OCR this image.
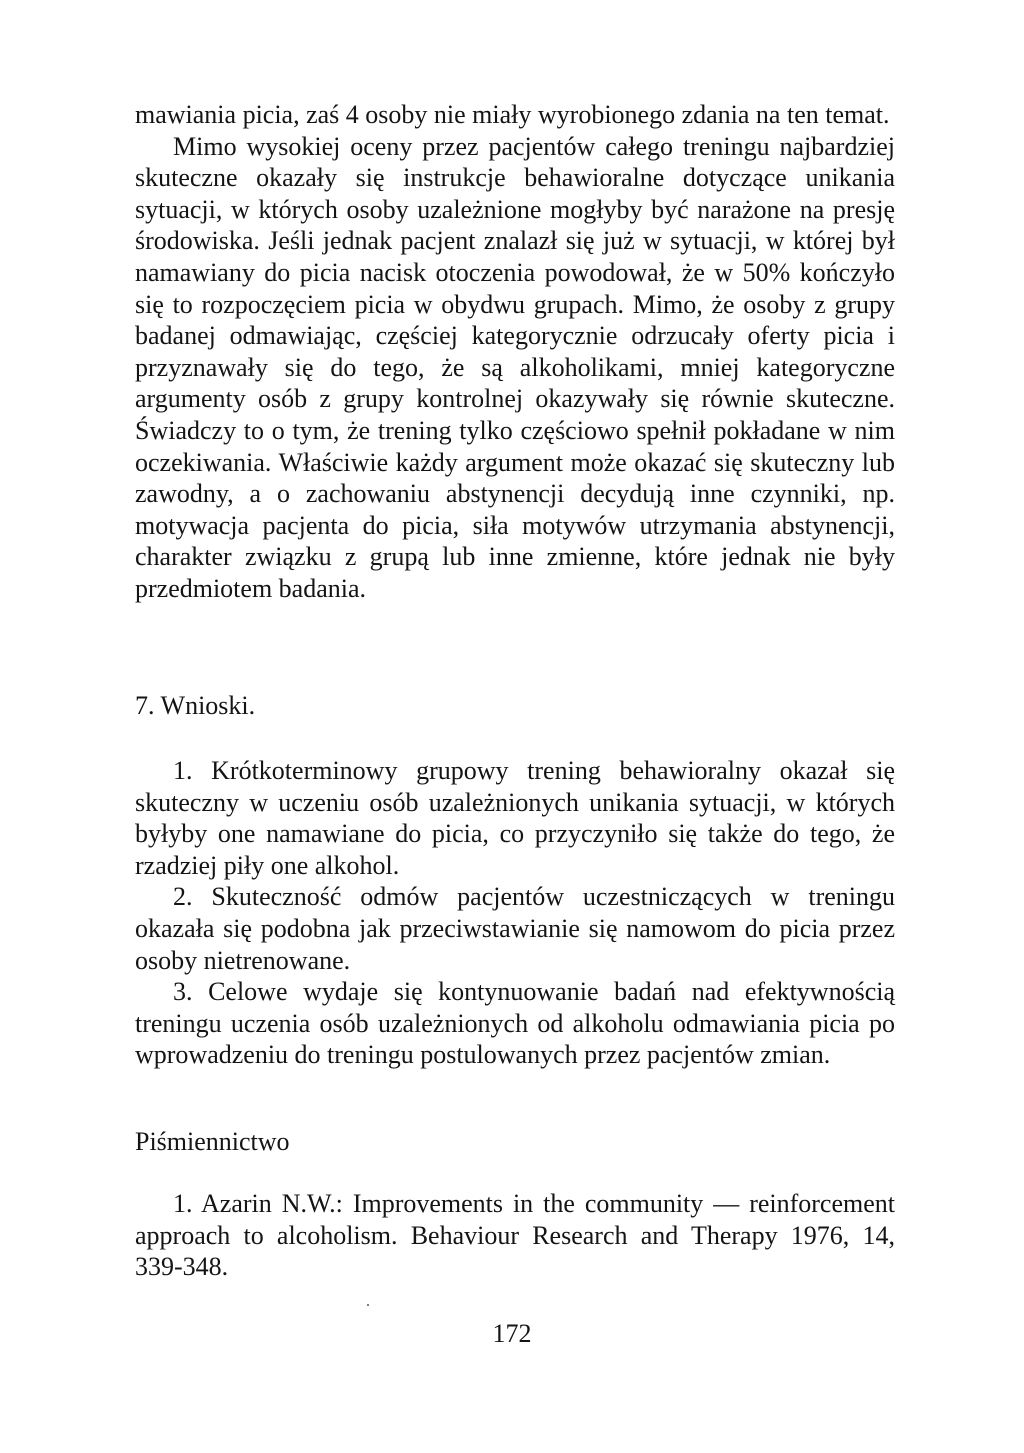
mawiania picia, zaś 4 osoby nie miały wyrobionego zdania na ten temat.

Mimo wysokiej oceny przez pacjentów całego treningu najbardziej skuteczne okazały się instrukcje behawioralne dotyczące unikania sytuacji, w których osoby uzależnione mogłyby być narażone na presję środowiska. Jeśli jednak pacjent znalazł się już w sytuacji, w której był namawiany do picia nacisk otoczenia powodował, że w 50% kończyło się to rozpoczęciem picia w obydwu grupach. Mimo, że osoby z grupy badanej odmawiając, częściej kategorycznie odrzucały oferty picia i przyznawały się do tego, że są alkoholikami, mniej kategoryczne argumenty osób z grupy kontrolnej okazywały się równie skuteczne. Świadczy to o tym, że trening tylko częściowo spełnił pokładane w nim oczekiwania. Właściwie każdy argument może okazać się skuteczny lub zawodny, a o zachowaniu abstynencji decydują inne czynniki, np. motywacja pacjenta do picia, siła motywów utrzymania abstynencji, charakter związku z grupą lub inne zmienne, które jednak nie były przedmiotem badania.

7. Wnioski.

1. Krótkoterminowy grupowy trening behawioralny okazał się skuteczny w uczeniu osób uzależnionych unikania sytuacji, w których byłyby one namawiane do picia, co przyczyniło się także do tego, że rzadziej piły one alkohol.

2. Skuteczność odmów pacjentów uczestniczących w treningu okazała się podobna jak przeciwstawianie się namowom do picia przez osoby nietrenowane.

3. Celowe wydaje się kontynuowanie badań nad efektywnością treningu uczenia osób uzależnionych od alkoholu odmawiania picia po wprowadzeniu do treningu postulowanych przez pacjentów zmian.

Piśmiennictwo

1. Azarin N.W.: Improvements in the community — reinforcement approach to alcoholism. Behaviour Research and Therapy 1976, 14, 339-348.

172
